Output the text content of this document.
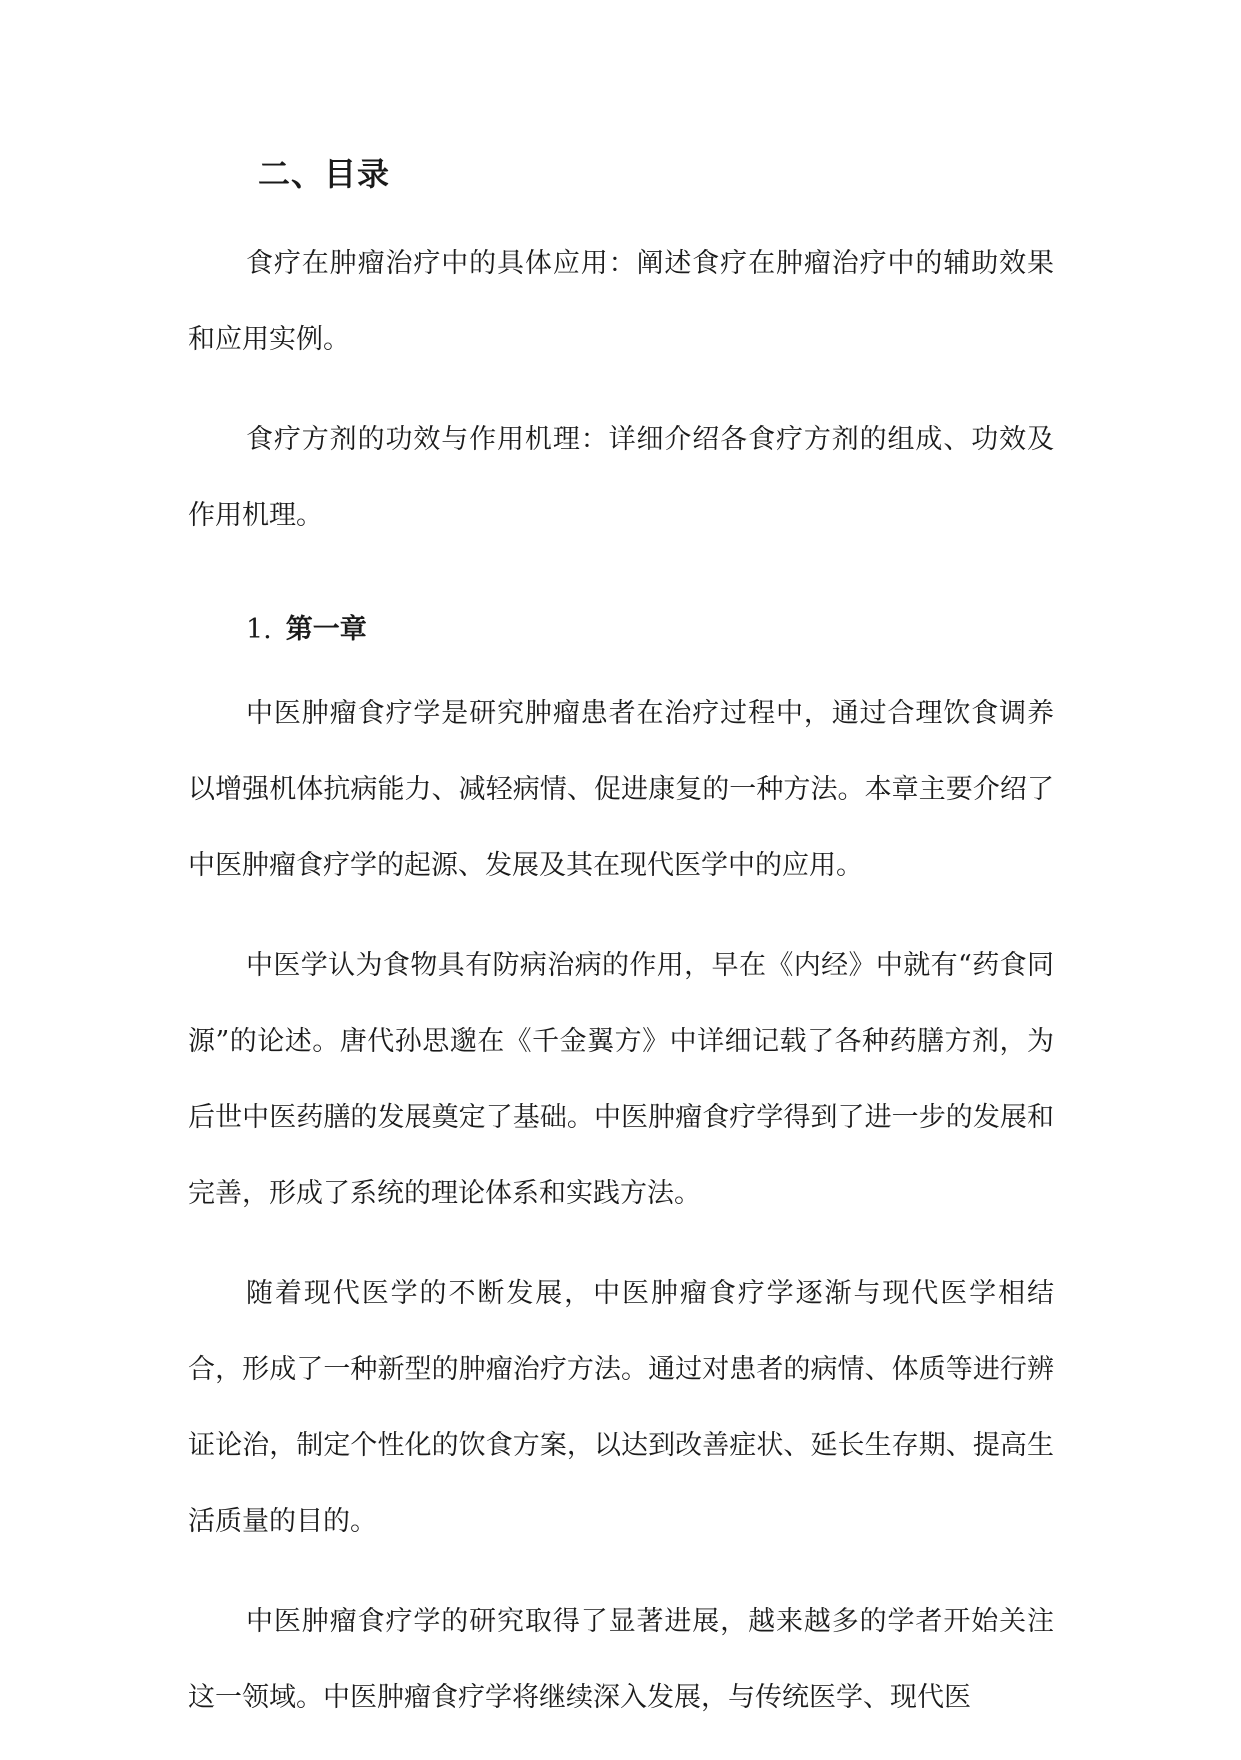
二、目录

食疗在肿瘤治疗中的具体应用：阐述食疗在肿瘤治疗中的辅助效果和应用实例。

食疗方剂的功效与作用机理：详细介绍各食疗方剂的组成、功效及作用机理。

1. 第一章

中医肿瘤食疗学是研究肿瘤患者在治疗过程中，通过合理饮食调养以增强机体抗病能力、减轻病情、促进康复的一种方法。本章主要介绍了中医肿瘤食疗学的起源、发展及其在现代医学中的应用。

中医学认为食物具有防病治病的作用，早在《内经》中就有“药食同源”的论述。唐代孙思邈在《千金翼方》中详细记载了各种药膳方剂，为后世中医药膳的发展奠定了基础。中医肿瘤食疗学得到了进一步的发展和完善，形成了系统的理论体系和实践方法。

随着现代医学的不断发展，中医肿瘤食疗学逐渐与现代医学相结合，形成了一种新型的肿瘤治疗方法。通过对患者的病情、体质等进行辨证论治，制定个性化的饮食方案，以达到改善症状、延长生存期、提高生活质量的目的。

中医肿瘤食疗学的研究取得了显著进展，越来越多的学者开始关注这一领域。中医肿瘤食疗学将继续深入发展，与传统医学、现代医
